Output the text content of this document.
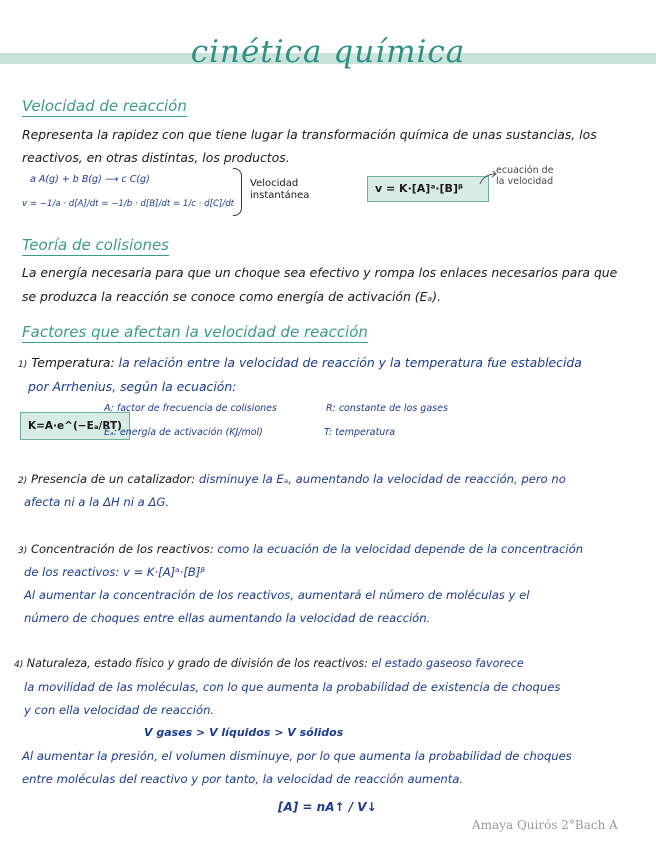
cinética química
Velocidad de reacción
Representa la rapidez con que tiene lugar la transformación química de unas sustancias, los
reactivos, en otras distintas, los productos.
a A(g) + b B(g) ⟶ c C(g)
v = −1/a · d[A]/dt = −1/b · d[B]/dt = 1/c · d[C]/dt
Velocidad
instantánea
v = K·[A]ᵃ·[B]ᵝ
ecuación de
la velocidad
Teoría de colisiones
La energía necesaria para que un choque sea efectivo y rompa los enlaces necesarios para que
se produzca la reacción se conoce como energía de activación (Eₐ).
Factores que afectan la velocidad de reacción
1) Temperatura: la relación entre la velocidad de reacción y la temperatura fue establecida
por Arrhenius, según la ecuación:
K=A·e^(−Eₐ/RT)
A: factor de frecuencia de colisiones	R: constante de los gases
Eₐ: energía de activación (KJ/mol)	T: temperatura
2) Presencia de un catalizador: disminuye la Eₐ, aumentando la velocidad de reacción, pero no
afecta ni a la ΔH ni a ΔG.
3) Concentración de los reactivos: como la ecuación de la velocidad depende de la concentración
de los reactivos: v = K·[A]ᵃ·[B]ᵝ
Al aumentar la concentración de los reactivos, aumentará el número de moléculas y el
número de choques entre ellas aumentando la velocidad de reacción.
4) Naturaleza, estado físico y grado de división de los reactivos: el estado gaseoso favorece
la movilidad de las moléculas, con lo que aumenta la probabilidad de existencia de choques
y con ella velocidad de reacción.
V gases > V líquidos > V sólidos
Al aumentar la presión, el volumen disminuye, por lo que aumenta la probabilidad de choques
entre moléculas del reactivo y por tanto, la velocidad de reacción aumenta.
[A] = nA↑ / V↓
Amaya Quirós 2°Bach A
